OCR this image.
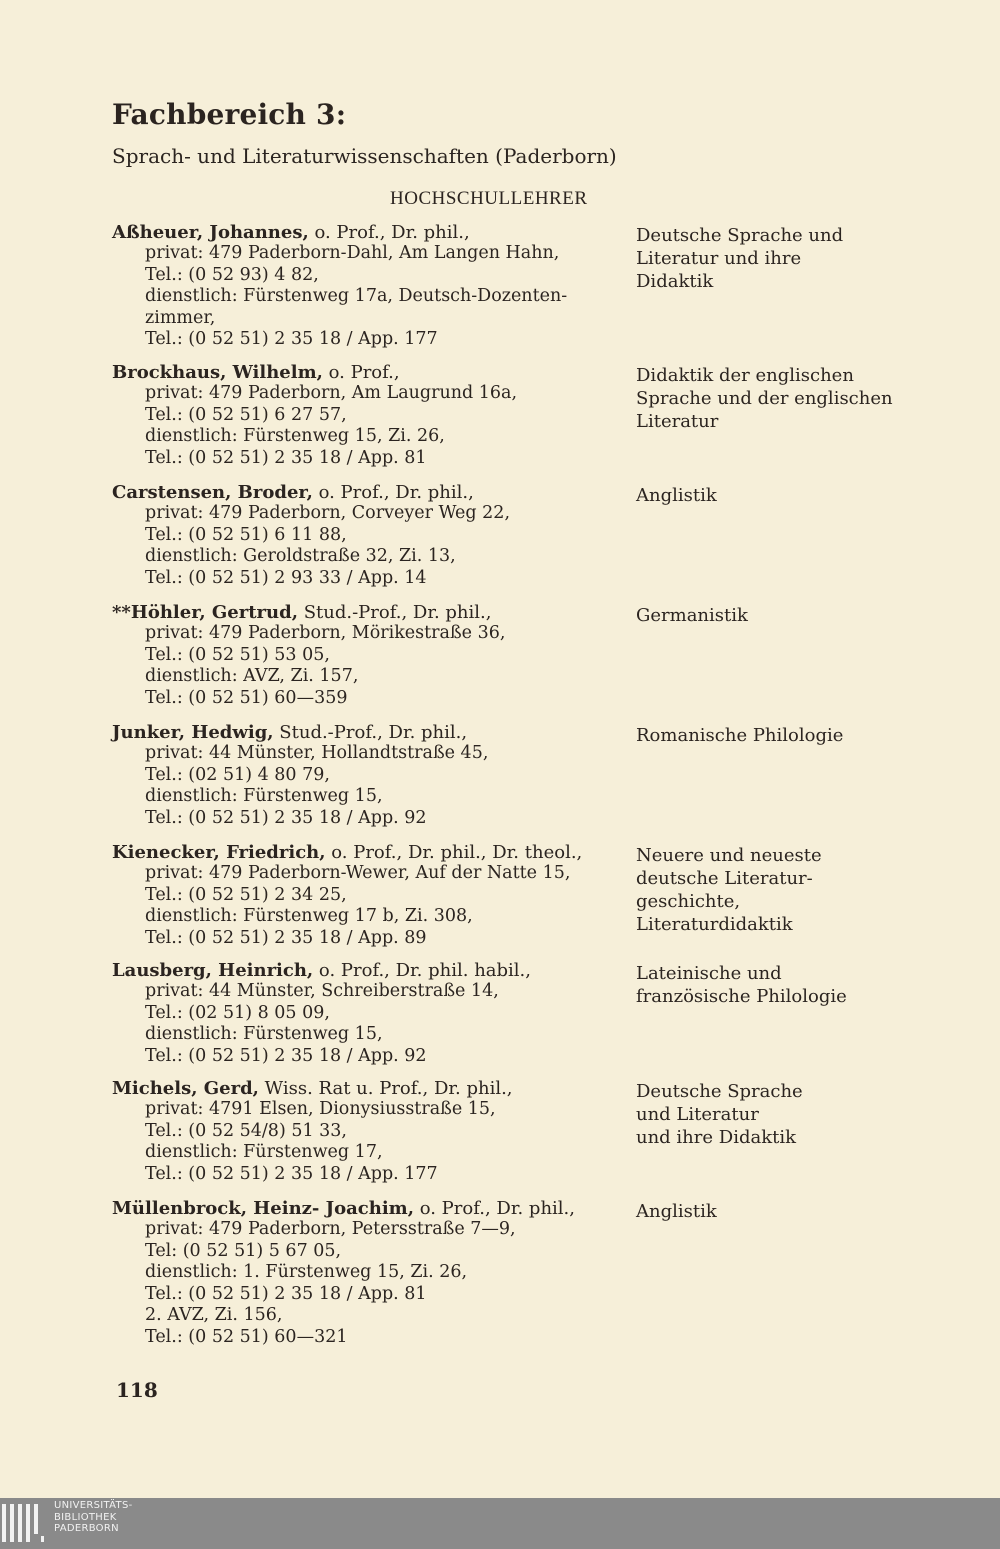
Fachbereich 3:
Sprach- und Literaturwissenschaften (Paderborn)
HOCHSCHULLEHRER
Aßheuer, Johannes, o. Prof., Dr. phil.,
privat: 479 Paderborn-Dahl, Am Langen Hahn,
Tel.: (0 52 93) 4 82,
dienstlich: Fürstenweg 17a, Deutsch-Dozenten-
zimmer,
Tel.: (0 52 51) 2 35 18 / App. 177
Deutsche Sprache und
Literatur und ihre
Didaktik
Brockhaus, Wilhelm, o. Prof.,
privat: 479 Paderborn, Am Laugrund 16a,
Tel.: (0 52 51) 6 27 57,
dienstlich: Fürstenweg 15, Zi. 26,
Tel.: (0 52 51) 2 35 18 / App. 81
Didaktik der englischen
Sprache und der englischen
Literatur
Carstensen, Broder, o. Prof., Dr. phil.,
privat: 479 Paderborn, Corveyer Weg 22,
Tel.: (0 52 51) 6 11 88,
dienstlich: Geroldstraße 32, Zi. 13,
Tel.: (0 52 51) 2 93 33 / App. 14
Anglistik
**Höhler, Gertrud, Stud.-Prof., Dr. phil.,
privat: 479 Paderborn, Mörikestraße 36,
Tel.: (0 52 51) 53 05,
dienstlich: AVZ, Zi. 157,
Tel.: (0 52 51) 60—359
Germanistik
Junker, Hedwig, Stud.-Prof., Dr. phil.,
privat: 44 Münster, Hollandtstraße 45,
Tel.: (02 51) 4 80 79,
dienstlich: Fürstenweg 15,
Tel.: (0 52 51) 2 35 18 / App. 92
Romanische Philologie
Kienecker, Friedrich, o. Prof., Dr. phil., Dr. theol.,
privat: 479 Paderborn-Wewer, Auf der Natte 15,
Tel.: (0 52 51) 2 34 25,
dienstlich: Fürstenweg 17 b, Zi. 308,
Tel.: (0 52 51) 2 35 18 / App. 89
Neuere und neueste
deutsche Literatur-
geschichte,
Literaturdidaktik
Lausberg, Heinrich, o. Prof., Dr. phil. habil.,
privat: 44 Münster, Schreiberstraße 14,
Tel.: (02 51) 8 05 09,
dienstlich: Fürstenweg 15,
Tel.: (0 52 51) 2 35 18 / App. 92
Lateinische und
französische Philologie
Michels, Gerd, Wiss. Rat u. Prof., Dr. phil.,
privat: 4791 Elsen, Dionysiusstraße 15,
Tel.: (0 52 54/8) 51 33,
dienstlich: Fürstenweg 17,
Tel.: (0 52 51) 2 35 18 / App. 177
Deutsche Sprache
und Literatur
und ihre Didaktik
Müllenbrock, Heinz- Joachim, o. Prof., Dr. phil.,
privat: 479 Paderborn, Petersstraße 7—9,
Tel: (0 52 51) 5 67 05,
dienstlich: 1. Fürstenweg 15, Zi. 26,
Tel.: (0 52 51) 2 35 18 / App. 81
2. AVZ, Zi. 156,
Tel.: (0 52 51) 60—321
Anglistik
118
UNIVERSITÄTS-
BIBLIOTHEK
PADERBORN
